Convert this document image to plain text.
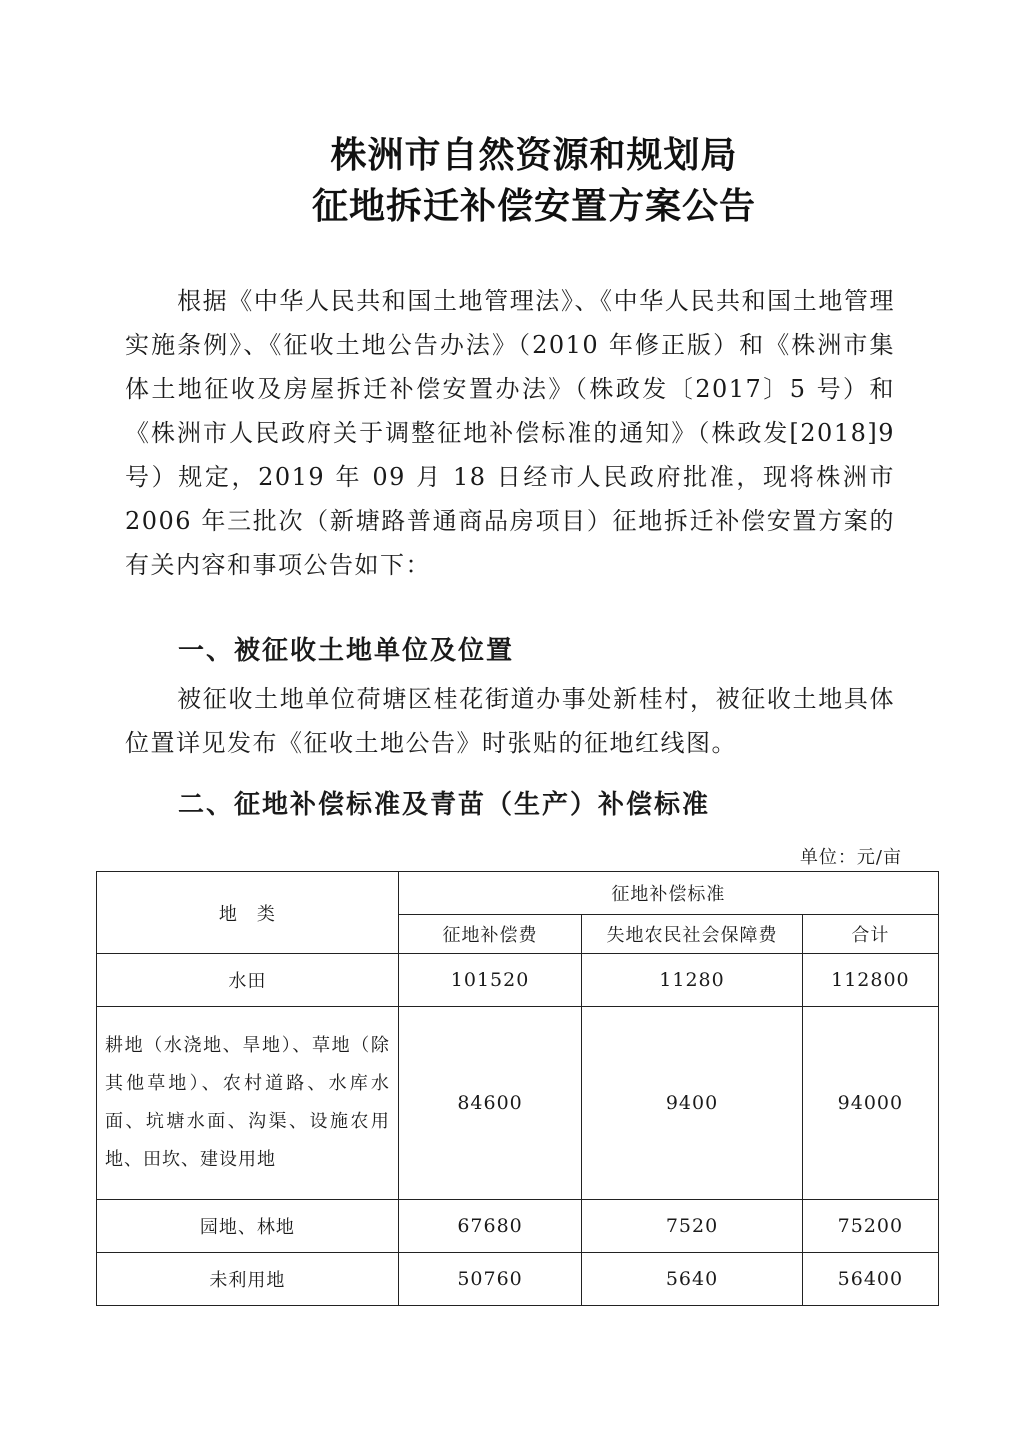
株洲市自然资源和规划局
征地拆迁补偿安置方案公告

根据《中华人民共和国土地管理法》、《中华人民共和国土地管理实施条例》、《征收土地公告办法》（2010 年修正版）和《株洲市集体土地征收及房屋拆迁补偿安置办法》（株政发〔2017〕5 号）和《株洲市人民政府关于调整征地补偿标准的通知》（株政发[2018]9 号）规定，2019 年 09 月 18 日经市人民政府批准，现将株洲市 2006 年三批次（新塘路普通商品房项目）征地拆迁补偿安置方案的有关内容和事项公告如下：

一、被征收土地单位及位置

被征收土地单位荷塘区桂花街道办事处新桂村，被征收土地具体位置详见发布《征收土地公告》时张贴的征地红线图。

二、征地补偿标准及青苗（生产）补偿标准
单位：元/亩
地　类	征地补偿标准		
	征地补偿费	失地农民社会保障费	合计
水田	101520	11280	112800
耕地（水浇地、旱地）、草地（除其他草地）、农村道路、水库水面、坑塘水面、沟渠、设施农用地、田坎、建设用地	84600	9400	94000
园地、林地	67680	7520	75200
未利用地	50760	5640	56400
